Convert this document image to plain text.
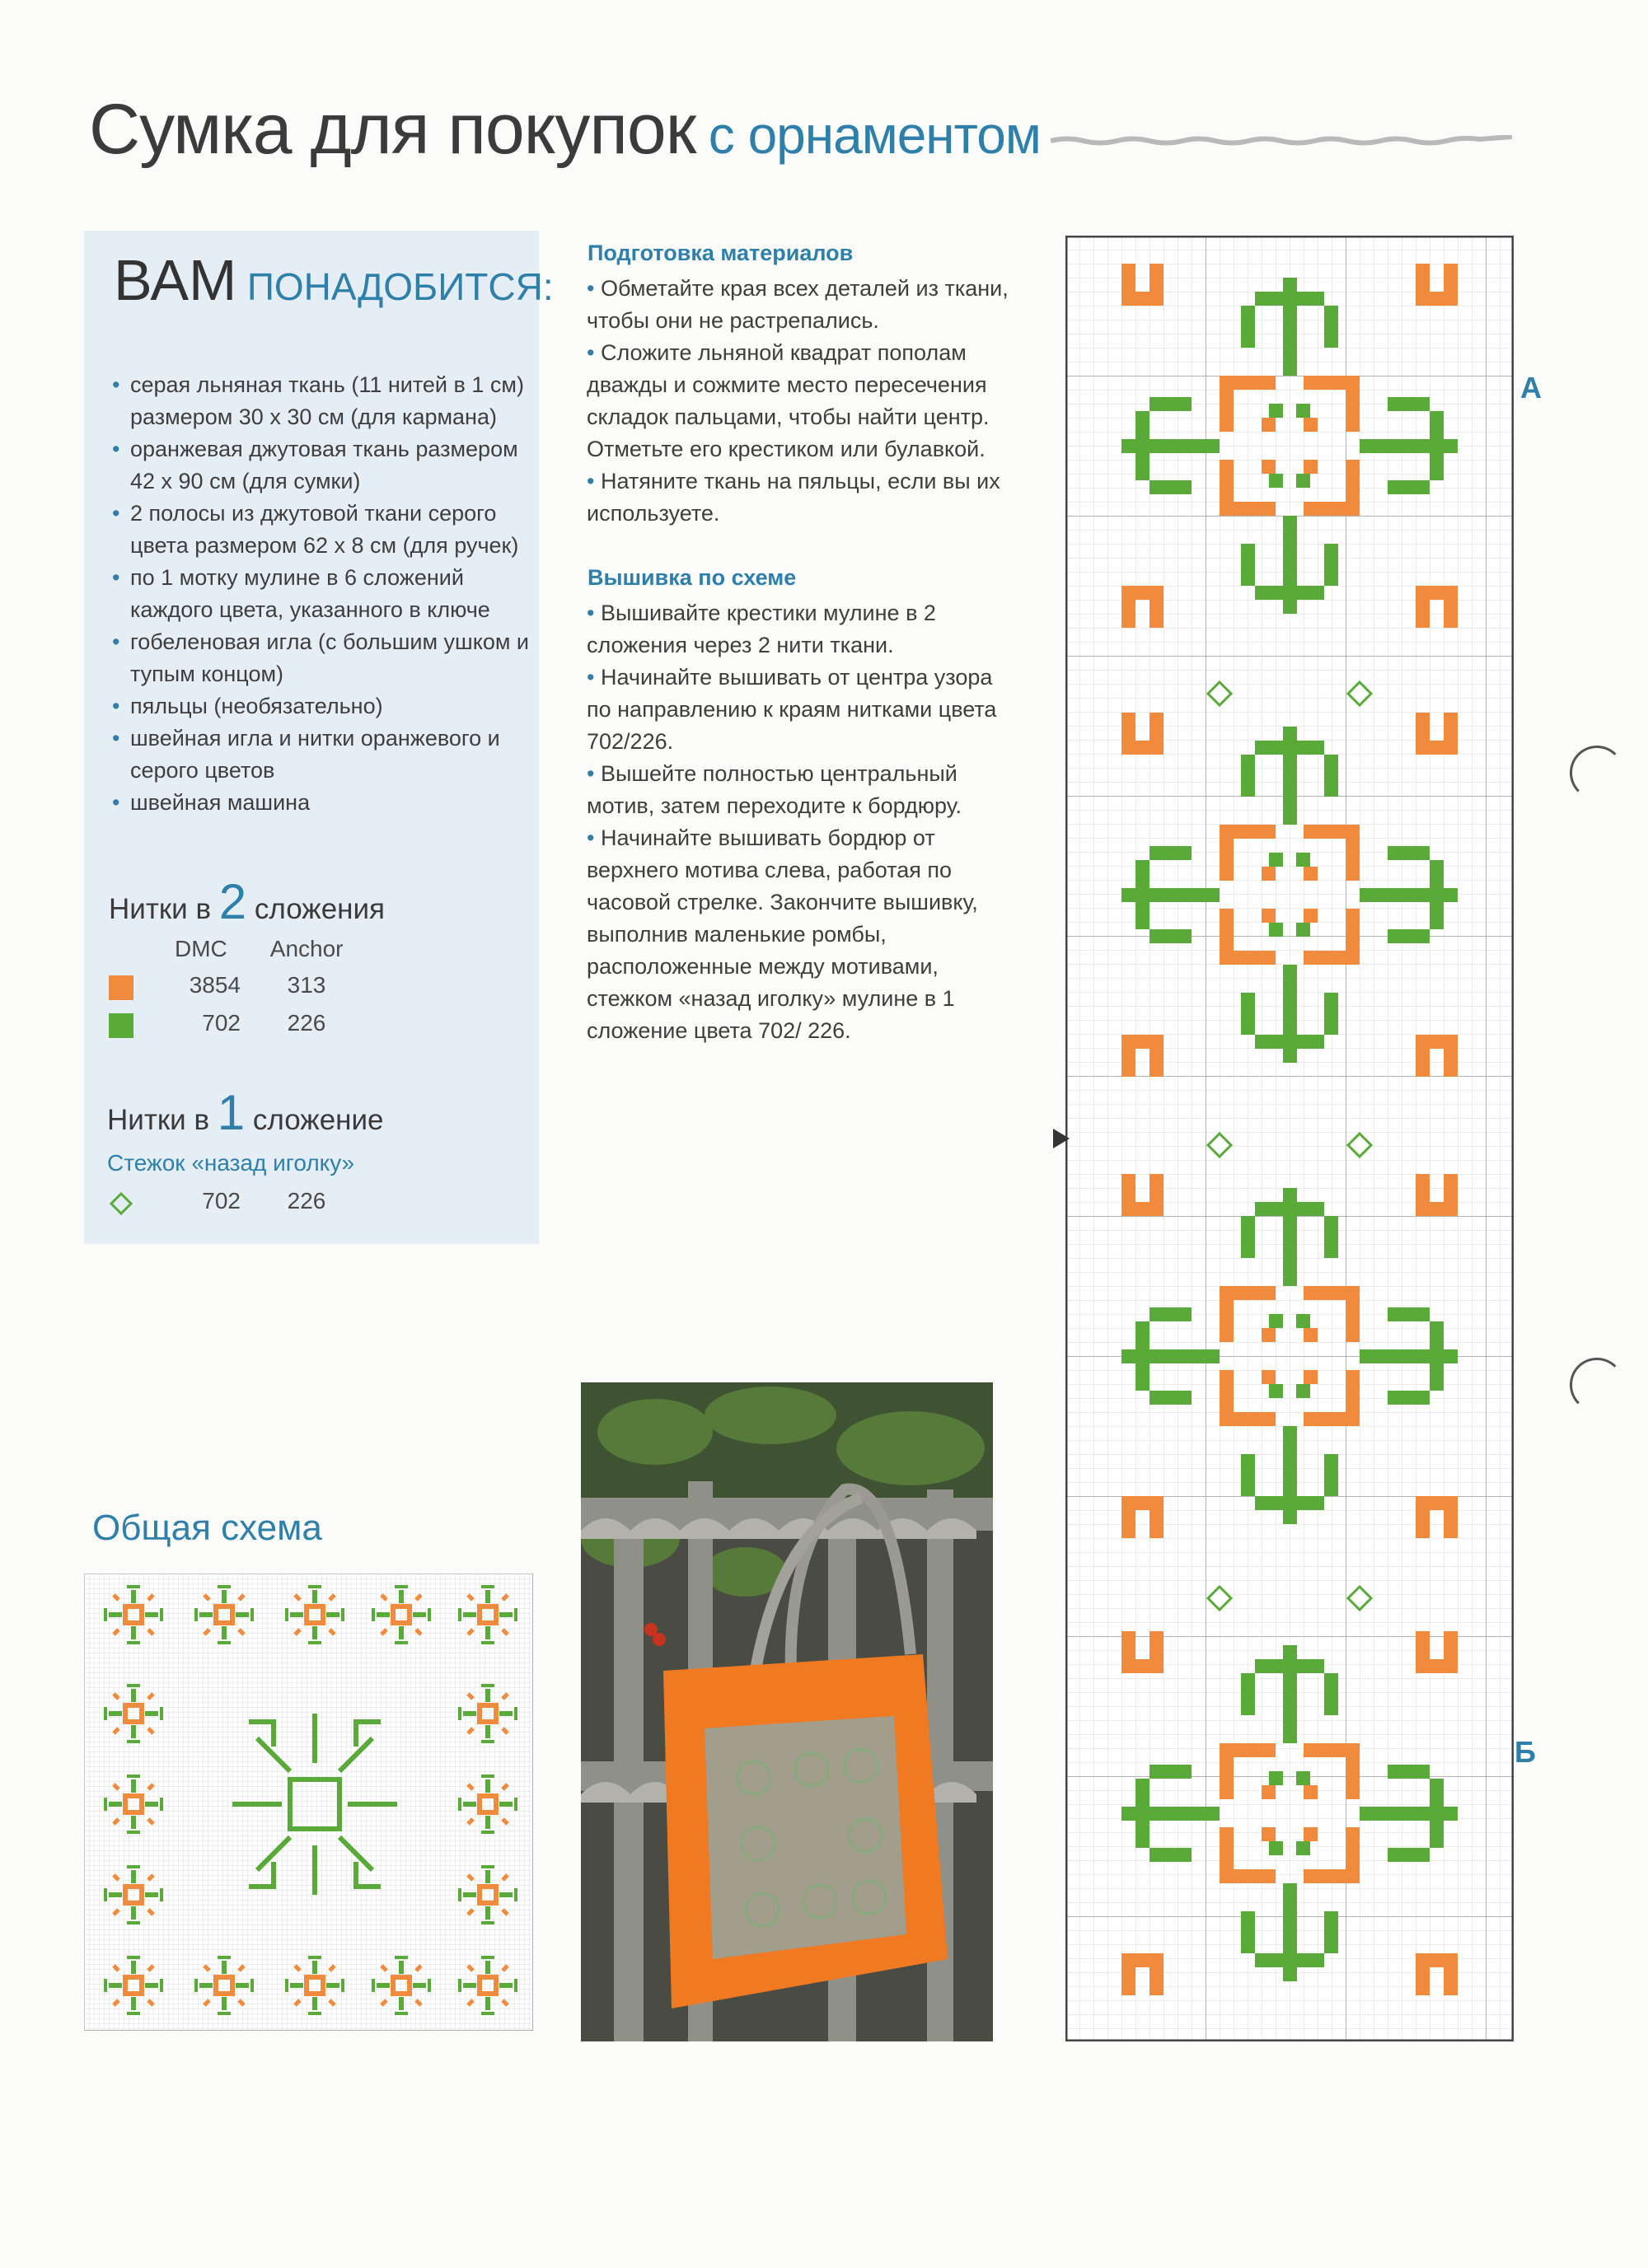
Сумка для покупок с орнаментом
ВАМ ПОНАДОБИТСЯ:
• серая льняная ткань (11 нитей в 1 см) размером 30 х 30 см (для кармана)
• оранжевая джутовая ткань размером 42 х 90 см (для сумки)
• 2 полосы из джутовой ткани серого цвета размером 62 х 8 см (для ручек)
• по 1 мотку мулине в 6 сложений каждого цвета, указанного в ключе
• гобеленовая игла (с большим ушком и тупым концом)
• пяльцы (необязательно)
• швейная игла и нитки оранжевого и серого цветов
• швейная машина
Нитки в 2 сложения
DMC Anchor
3854	313
702	226
Нитки в 1 сложение
Стежок «назад иголку»
702	226
Подготовка материалов

• Обметайте края всех деталей из ткани, чтобы они не растрепались.

• Сложите льняной квадрат пополам дважды и сожмите место пересечения складок пальцами, чтобы найти центр. Отметьте его крестиком или булавкой.

• Натяните ткань на пяльцы, если вы их используете.

Вышивка по схеме

• Вышивайте крестики мулине в 2 сложения через 2 нити ткани.

• Начинайте вышивать от центра узора по направлению к краям нитками цвета 702/226.

• Вышейте полностью центральный мотив, затем переходите к бордюру.

• Начинайте вышивать бордюр от верхнего мотива слева, работая по часовой стрелке. Закончите вышивку, выполнив маленькие ромбы, расположенные между мотивами, стежком «назад иголку» мулине в 1 сложение цвета 702/ 226.

Общая схема
А
Б
